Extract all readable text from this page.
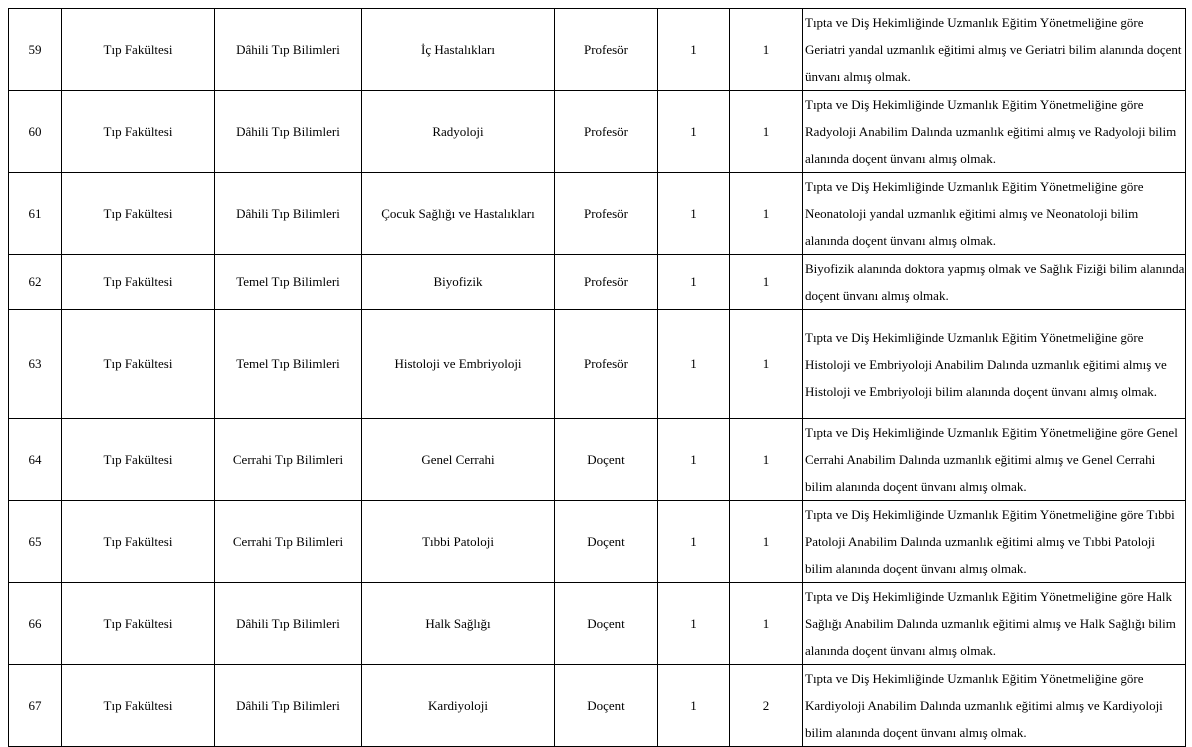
59	Tıp Fakültesi	Dâhili Tıp Bilimleri	İç Hastalıkları	Profesör	1	1	Tıpta ve Diş Hekimliğinde Uzmanlık Eğitim Yönetmeliğine göre Geriatri yandal uzmanlık eğitimi almış ve Geriatri bilim alanında doçent ünvanı almış olmak.

60	Tıp Fakültesi	Dâhili Tıp Bilimleri	Radyoloji	Profesör	1	1	Tıpta ve Diş Hekimliğinde Uzmanlık Eğitim Yönetmeliğine göre Radyoloji Anabilim Dalında uzmanlık eğitimi almış ve Radyoloji bilim alanında doçent ünvanı almış olmak.

61	Tıp Fakültesi	Dâhili Tıp Bilimleri	Çocuk Sağlığı ve Hastalıkları	Profesör	1	1	Tıpta ve Diş Hekimliğinde Uzmanlık Eğitim Yönetmeliğine göre Neonatoloji yandal uzmanlık eğitimi almış ve Neonatoloji bilim alanında doçent ünvanı almış olmak.

62	Tıp Fakültesi	Temel Tıp Bilimleri	Biyofizik	Profesör	1	1	Biyofizik alanında doktora yapmış olmak ve Sağlık Fiziği bilim alanında doçent ünvanı almış olmak.

63	Tıp Fakültesi	Temel Tıp Bilimleri	Histoloji ve Embriyoloji	Profesör	1	1	Tıpta ve Diş Hekimliğinde Uzmanlık Eğitim Yönetmeliğine göre Histoloji ve Embriyoloji Anabilim Dalında uzmanlık eğitimi almış ve Histoloji ve Embriyoloji bilim alanında doçent ünvanı almış olmak.

64	Tıp Fakültesi	Cerrahi Tıp Bilimleri	Genel Cerrahi	Doçent	1	1	Tıpta ve Diş Hekimliğinde Uzmanlık Eğitim Yönetmeliğine göre Genel Cerrahi Anabilim Dalında uzmanlık eğitimi almış ve Genel Cerrahi bilim alanında doçent ünvanı almış olmak.

65	Tıp Fakültesi	Cerrahi Tıp Bilimleri	Tıbbi Patoloji	Doçent	1	1	Tıpta ve Diş Hekimliğinde Uzmanlık Eğitim Yönetmeliğine göre Tıbbi Patoloji Anabilim Dalında uzmanlık eğitimi almış ve Tıbbi Patoloji bilim alanında doçent ünvanı almış olmak.

66	Tıp Fakültesi	Dâhili Tıp Bilimleri	Halk Sağlığı	Doçent	1	1	Tıpta ve Diş Hekimliğinde Uzmanlık Eğitim Yönetmeliğine göre Halk Sağlığı Anabilim Dalında uzmanlık eğitimi almış ve Halk Sağlığı bilim alanında doçent ünvanı almış olmak.

67	Tıp Fakültesi	Dâhili Tıp Bilimleri	Kardiyoloji	Doçent	1	2	Tıpta ve Diş Hekimliğinde Uzmanlık Eğitim Yönetmeliğine göre Kardiyoloji Anabilim Dalında uzmanlık eğitimi almış ve Kardiyoloji bilim alanında doçent ünvanı almış olmak.
